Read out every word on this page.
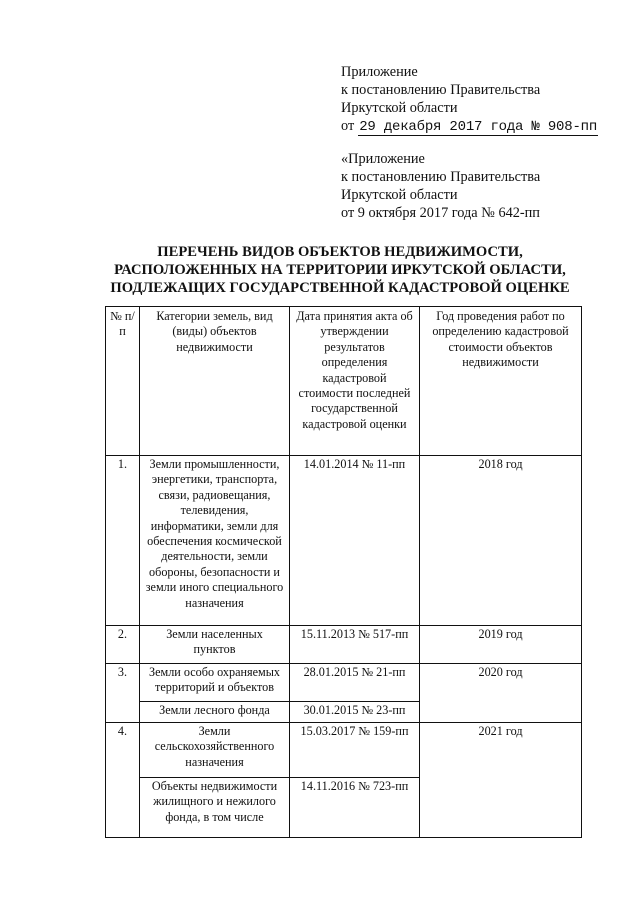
Приложение
к постановлению Правительства
Иркутской области
от 29 декабря 2017 года № 908-пп
«Приложение
к постановлению Правительства
Иркутской области
от 9 октября 2017 года № 642-пп
ПЕРЕЧЕНЬ ВИДОВ ОБЪЕКТОВ НЕДВИЖИМОСТИ,
РАСПОЛОЖЕННЫХ НА ТЕРРИТОРИИ ИРКУТСКОЙ ОБЛАСТИ,
ПОДЛЕЖАЩИХ ГОСУДАРСТВЕННОЙ КАДАСТРОВОЙ ОЦЕНКЕ
№ п/п	Категории земель, вид (виды) объектов недвижимости	Дата принятия акта об утверждении результатов определения кадастровой стоимости последней государственной кадастровой оценки	Год проведения работ по определению кадастровой стоимости объектов недвижимости
1.	Земли промышленности, энергетики, транспорта, связи, радиовещания, телевидения, информатики, земли для обеспечения космической деятельности, земли обороны, безопасности и земли иного специального назначения	14.01.2014 № 11-пп	2018 год
2.	Земли населенных пунктов	15.11.2013 № 517-пп	2019 год
3.	Земли особо охраняемых территорий и объектов	28.01.2015 № 21-пп	2020 год
	Земли лесного фонда	30.01.2015 № 23-пп	
4.	Земли сельскохозяйственного назначения	15.03.2017 № 159-пп	2021 год
	Объекты недвижимости жилищного и нежилого фонда, в том числе	14.11.2016 № 723-пп	
